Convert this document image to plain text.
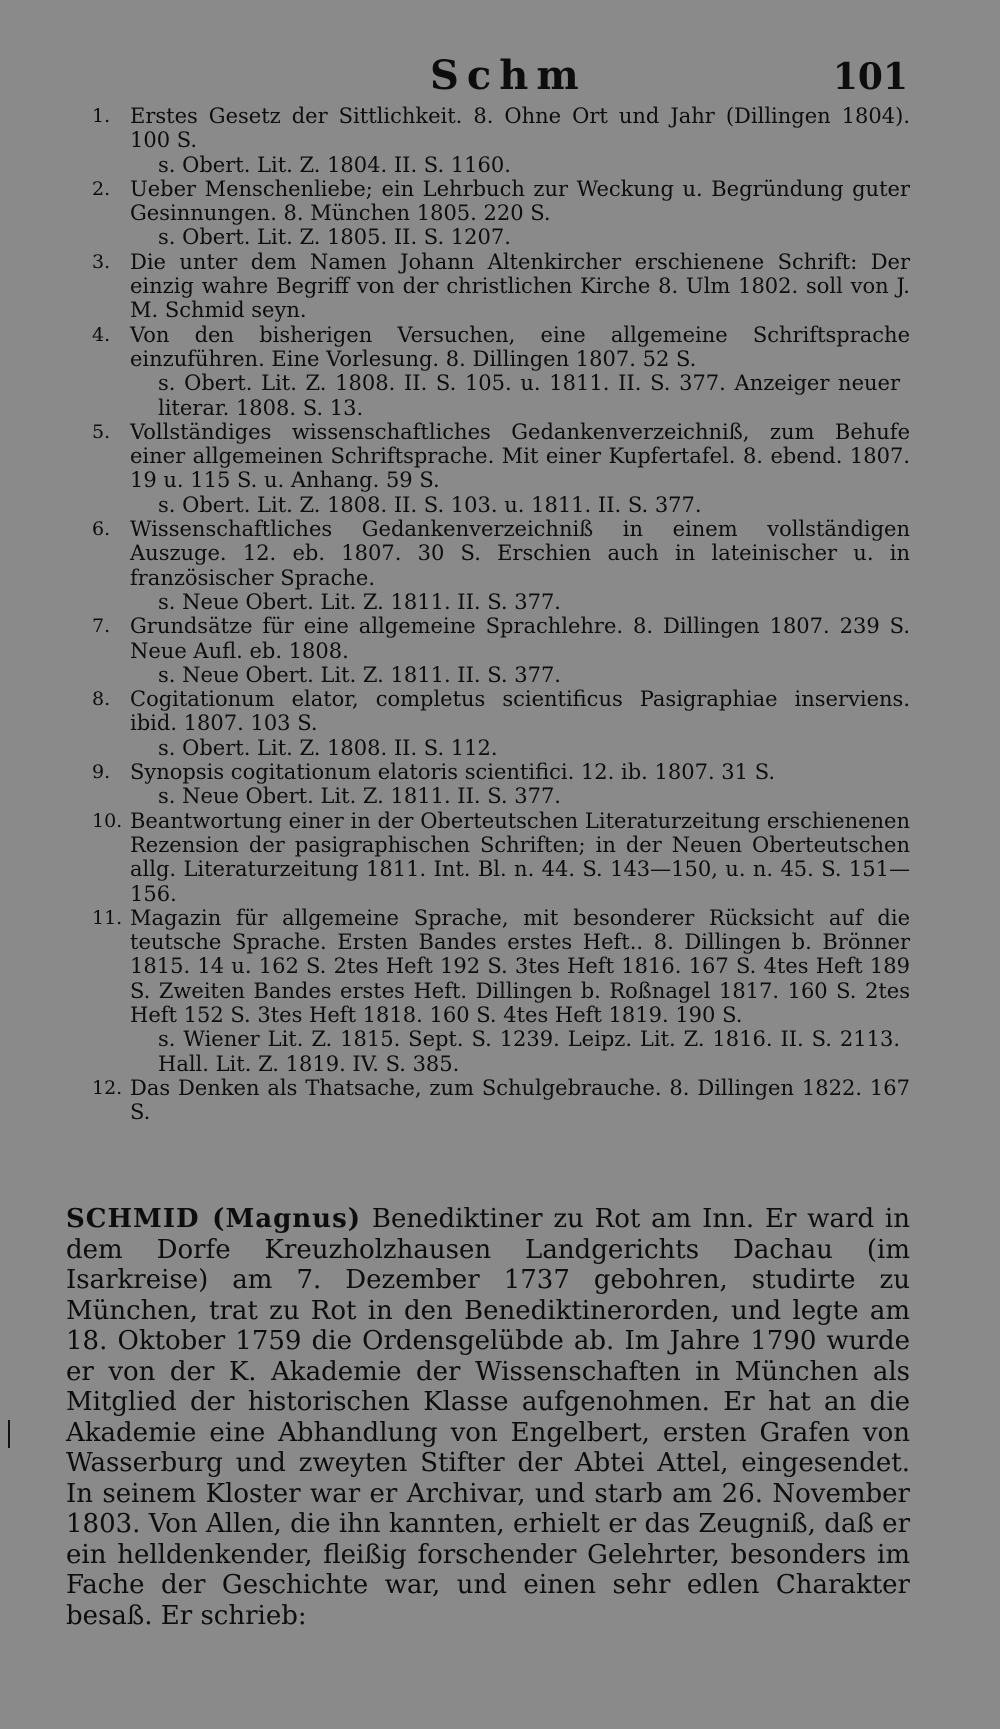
Schm	101
1. Erstes Gesetz der Sittlichkeit. 8. Ohne Ort und Jahr (Dillingen 1804). 100 S.
s. Obert. Lit. Z. 1804. II. S. 1160.
2. Ueber Menschenliebe; ein Lehrbuch zur Weckung u. Begründung guter Gesinnungen. 8. München 1805. 220 S.
s. Obert. Lit. Z. 1805. II. S. 1207.
3. Die unter dem Namen Johann Altenkircher erschienene Schrift: Der einzig wahre Begriff von der christlichen Kirche 8. Ulm 1802. soll von J. M. Schmid seyn.
4. Von den bisherigen Versuchen, eine allgemeine Schriftsprache einzuführen. Eine Vorlesung. 8. Dillingen 1807. 52 S.
s. Obert. Lit. Z. 1808. II. S. 105. u. 1811. II. S. 377. Anzeiger neuer literar. 1808. S. 13.
5. Vollständiges wissenschaftliches Gedankenverzeichniß, zum Behufe einer allgemeinen Schriftsprache. Mit einer Kupfertafel. 8. ebend. 1807. 19 u. 115 S. u. Anhang. 59 S.
s. Obert. Lit. Z. 1808. II. S. 103. u. 1811. II. S. 377.
6. Wissenschaftliches Gedankenverzeichniß in einem vollständigen Auszuge. 12. eb. 1807. 30 S. Erschien auch in lateinischer u. in französischer Sprache.
s. Neue Obert. Lit. Z. 1811. II. S. 377.
7. Grundsätze für eine allgemeine Sprachlehre. 8. Dillingen 1807. 239 S. Neue Aufl. eb. 1808.
s. Neue Obert. Lit. Z. 1811. II. S. 377.
8. Cogitationum elator, completus scientificus Pasigraphiae inserviens. ibid. 1807. 103 S.
s. Obert. Lit. Z. 1808. II. S. 112.
9. Synopsis cogitationum elatoris scientifici. 12. ib. 1807. 31 S.
s. Neue Obert. Lit. Z. 1811. II. S. 377.
10. Beantwortung einer in der Oberteutschen Literaturzeitung erschienenen Rezension der pasigraphischen Schriften; in der Neuen Oberteutschen allg. Literaturzeitung 1811. Int. Bl. n. 44. S. 143—150, u. n. 45. S. 151—156.
11. Magazin für allgemeine Sprache, mit besonderer Rücksicht auf die teutsche Sprache. Ersten Bandes erstes Heft.. 8. Dillingen b. Brönner 1815. 14 u. 162 S. 2tes Heft 192 S. 3tes Heft 1816. 167 S. 4tes Heft 189 S. Zweiten Bandes erstes Heft. Dillingen b. Roßnagel 1817. 160 S. 2tes Heft 152 S. 3tes Heft 1818. 160 S. 4tes Heft 1819. 190 S.
s. Wiener Lit. Z. 1815. Sept. S. 1239. Leipz. Lit. Z. 1816. II. S. 2113. Hall. Lit. Z. 1819. IV. S. 385.
12. Das Denken als Thatsache, zum Schulgebrauche. 8. Dillingen 1822. 167 S.
SCHMID (Magnus) Benediktiner zu Rot am Inn. Er ward in dem Dorfe Kreuzholzhausen Landgerichts Dachau (im Isarkreise) am 7. Dezember 1737 gebohren, studirte zu München, trat zu Rot in den Benediktinerorden, und legte am 18. Oktober 1759 die Ordensgelübde ab. Im Jahre 1790 wurde er von der K. Akademie der Wissenschaften in München als Mitglied der historischen Klasse aufgenohmen. Er hat an die Akademie eine Abhandlung von Engelbert, ersten Grafen von Wasserburg und zweyten Stifter der Abtei Attel, eingesendet. In seinem Kloster war er Archivar, und starb am 26. November 1803. Von Allen, die ihn kannten, erhielt er das Zeugniß, daß er ein helldenkender, fleißig forschender Gelehrter, besonders im Fache der Geschichte war, und einen sehr edlen Charakter besaß. Er schrieb:
